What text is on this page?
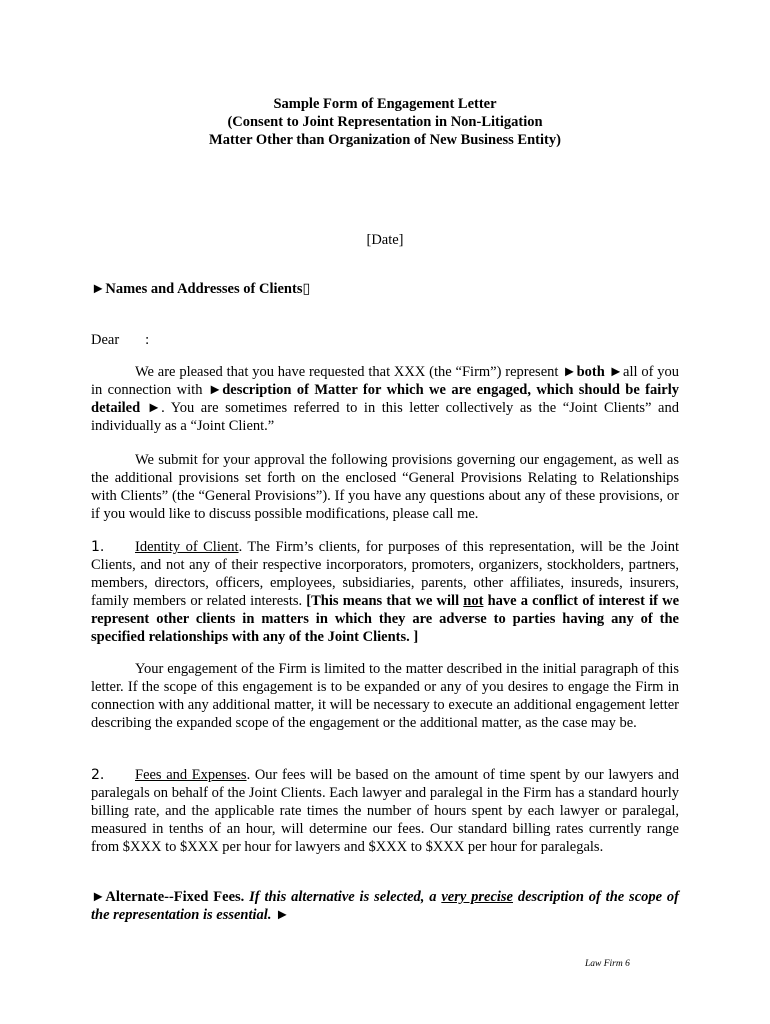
Sample Form of Engagement Letter
(Consent to Joint Representation in Non-Litigation
Matter Other than Organization of New Business Entity)
[Date]
►Names and Addresses of Clients▯
Dear :
We are pleased that you have requested that XXX (the “Firm”) represent ►both ►all of you in connection with ►description of Matter for which we are engaged, which should be fairly detailed ►. You are sometimes referred to in this letter collectively as the “Joint Clients” and individually as a “Joint Client.”
We submit for your approval the following provisions governing our engagement, as well as the additional provisions set forth on the enclosed “General Provisions Relating to Relationships with Clients” (the “General Provisions”). If you have any questions about any of these provisions, or if you would like to discuss possible modifications, please call me.
1. Identity of Client. The Firm’s clients, for purposes of this representation, will be the Joint Clients, and not any of their respective incorporators, promoters, organizers, stockholders, partners, members, directors, officers, employees, subsidiaries, parents, other affiliates, insureds, insurers, family members or related interests. [This means that we will not have a conflict of interest if we represent other clients in matters in which they are adverse to parties having any of the specified relationships with any of the Joint Clients. ]
Your engagement of the Firm is limited to the matter described in the initial paragraph of this letter. If the scope of this engagement is to be expanded or any of you desires to engage the Firm in connection with any additional matter, it will be necessary to execute an additional engagement letter describing the expanded scope of the engagement or the additional matter, as the case may be.
2. Fees and Expenses. Our fees will be based on the amount of time spent by our lawyers and paralegals on behalf of the Joint Clients. Each lawyer and paralegal in the Firm has a standard hourly billing rate, and the applicable rate times the number of hours spent by each lawyer or paralegal, measured in tenths of an hour, will determine our fees. Our standard billing rates currently range from $XXX to $XXX per hour for lawyers and $XXX to $XXX per hour for paralegals.
►Alternate--Fixed Fees. If this alternative is selected, a very precise description of the scope of the representation is essential. ►
Law Firm 6
